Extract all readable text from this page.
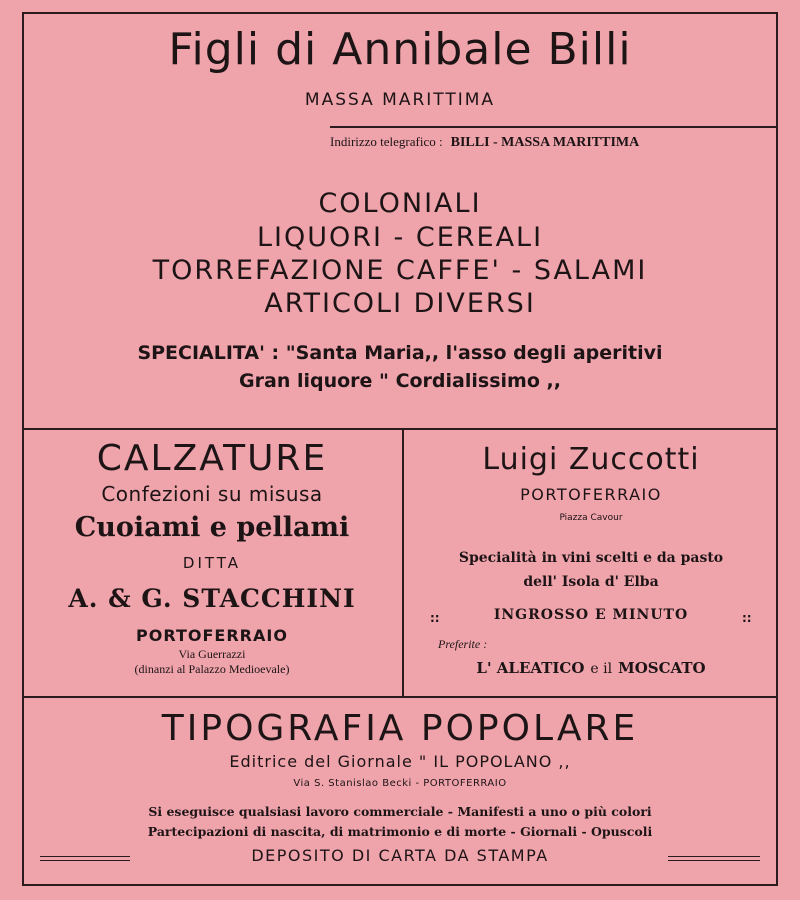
Figli di Annibale Billi
MASSA MARITTIMA
Indirizzo telegrafico : BILLI - MASSA MARITTIMA
COLONIALI
LIQUORI - CEREALI
TORREFAZIONE CAFFE' - SALAMI
ARTICOLI DIVERSI
SPECIALITA' : "Santa Maria,, l'asso degli aperitivi
Gran liquore " Cordialissimo ,,
CALZATURE
Confezioni su misusa
Cuoiami e pellami
DITTA
A. & G. STACCHINI
PORTOFERRAIO
Via Guerrazzi
(dinanzi al Palazzo Medioevale)
Luigi Zuccotti
PORTOFERRAIO
Piazza Cavour
Specialità in vini scelti e da pasto
dell' Isola d' Elba
::	INGROSSO E MINUTO	::
Preferite :
L' ALEATICO e il MOSCATO
TIPOGRAFIA POPOLARE
Editrice del Giornale " IL POPOLANO ,,
Via S. Stanislao Becki - PORTOFERRAIO
Si eseguisce qualsiasi lavoro commerciale - Manifesti a uno o più colori
Partecipazioni di nascita, di matrimonio e di morte - Giornali - Opuscoli
DEPOSITO DI CARTA DA STAMPA
